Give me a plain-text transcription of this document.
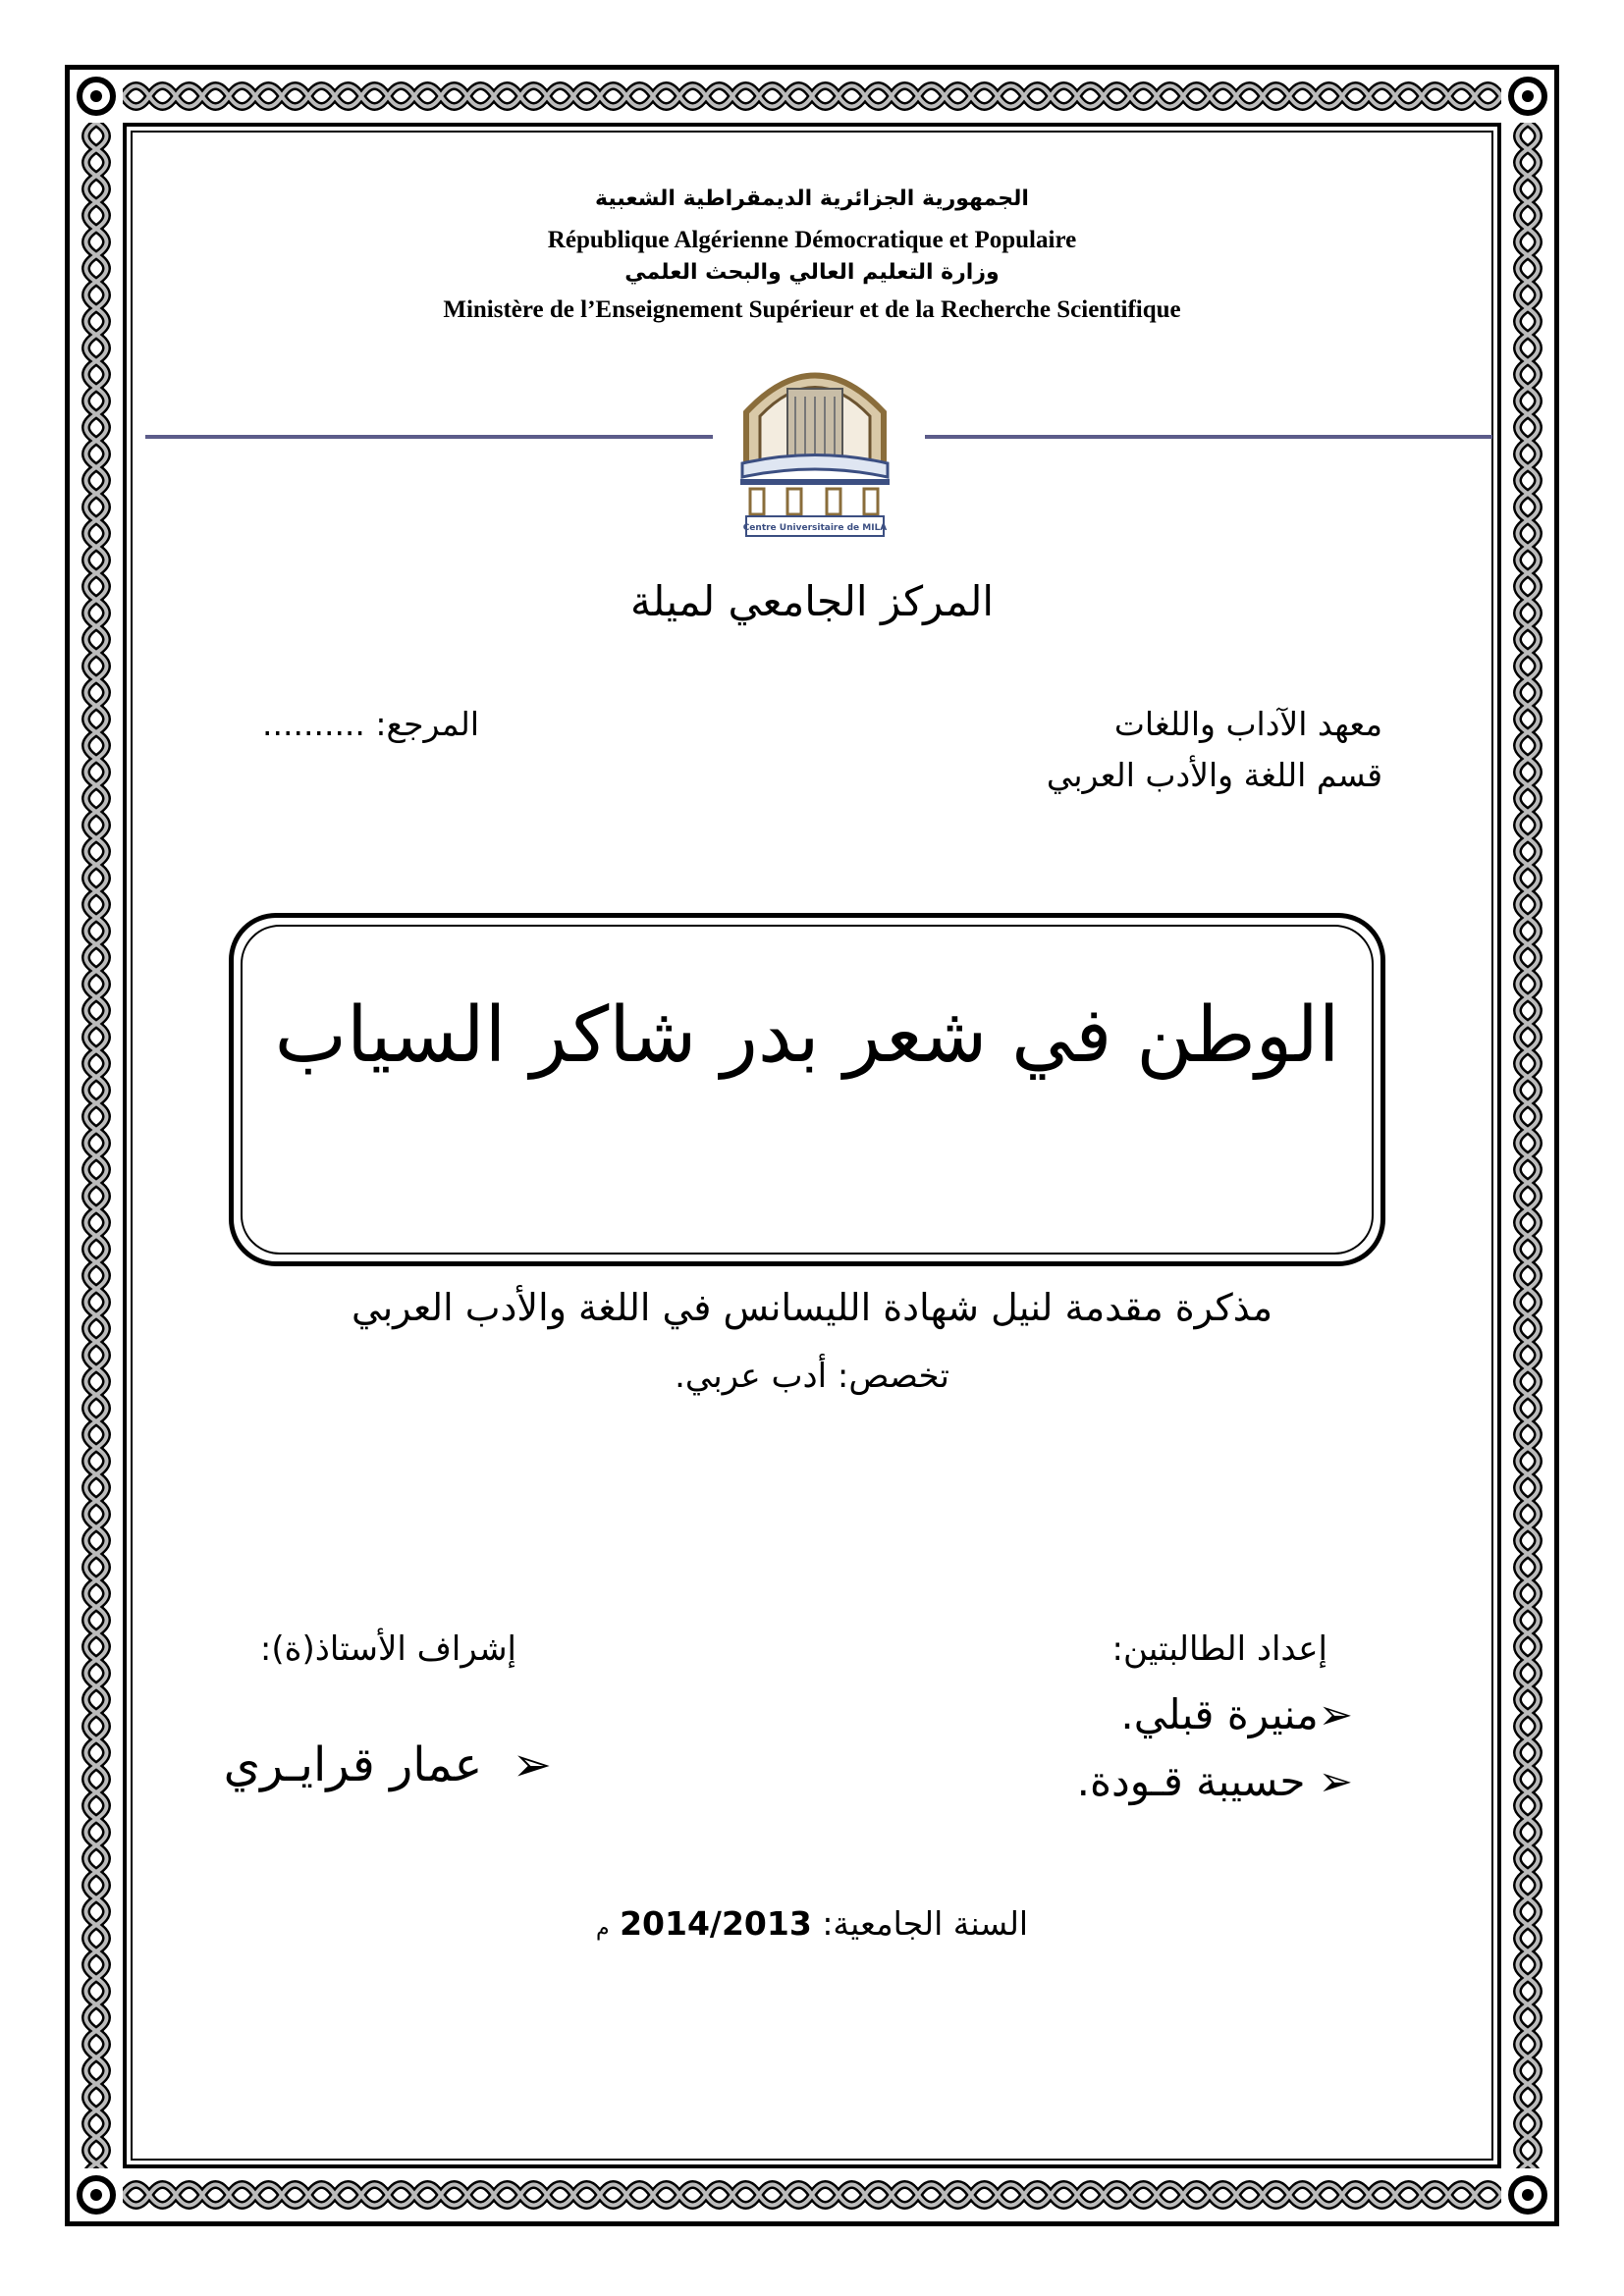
الجمهورية الجزائرية الديمقراطية الشعبية
République Algérienne Démocratique et Populaire
وزارة التعليم العالي والبحث العلمي
Ministère de l’Enseignement Supérieur et de la Recherche Scientifique
Centre Universitaire de MILA
المركز الجامعي لميلة
معهد الآداب واللغات
قسم اللغة والأدب العربي
المرجع: ..........
الوطن في شعر بدر شاكر السياب
مذكرة مقدمة لنيل شهادة الليسانس في اللغة والأدب العربي
تخصص: أدب عربي.
إعداد الطالبتين:
➢منيرة قبلي.
➢ حسيبة قـودة.
إشراف الأستاذ(ة):
➢  عمار قرايـري
السنة الجامعية: 2014/2013 م
